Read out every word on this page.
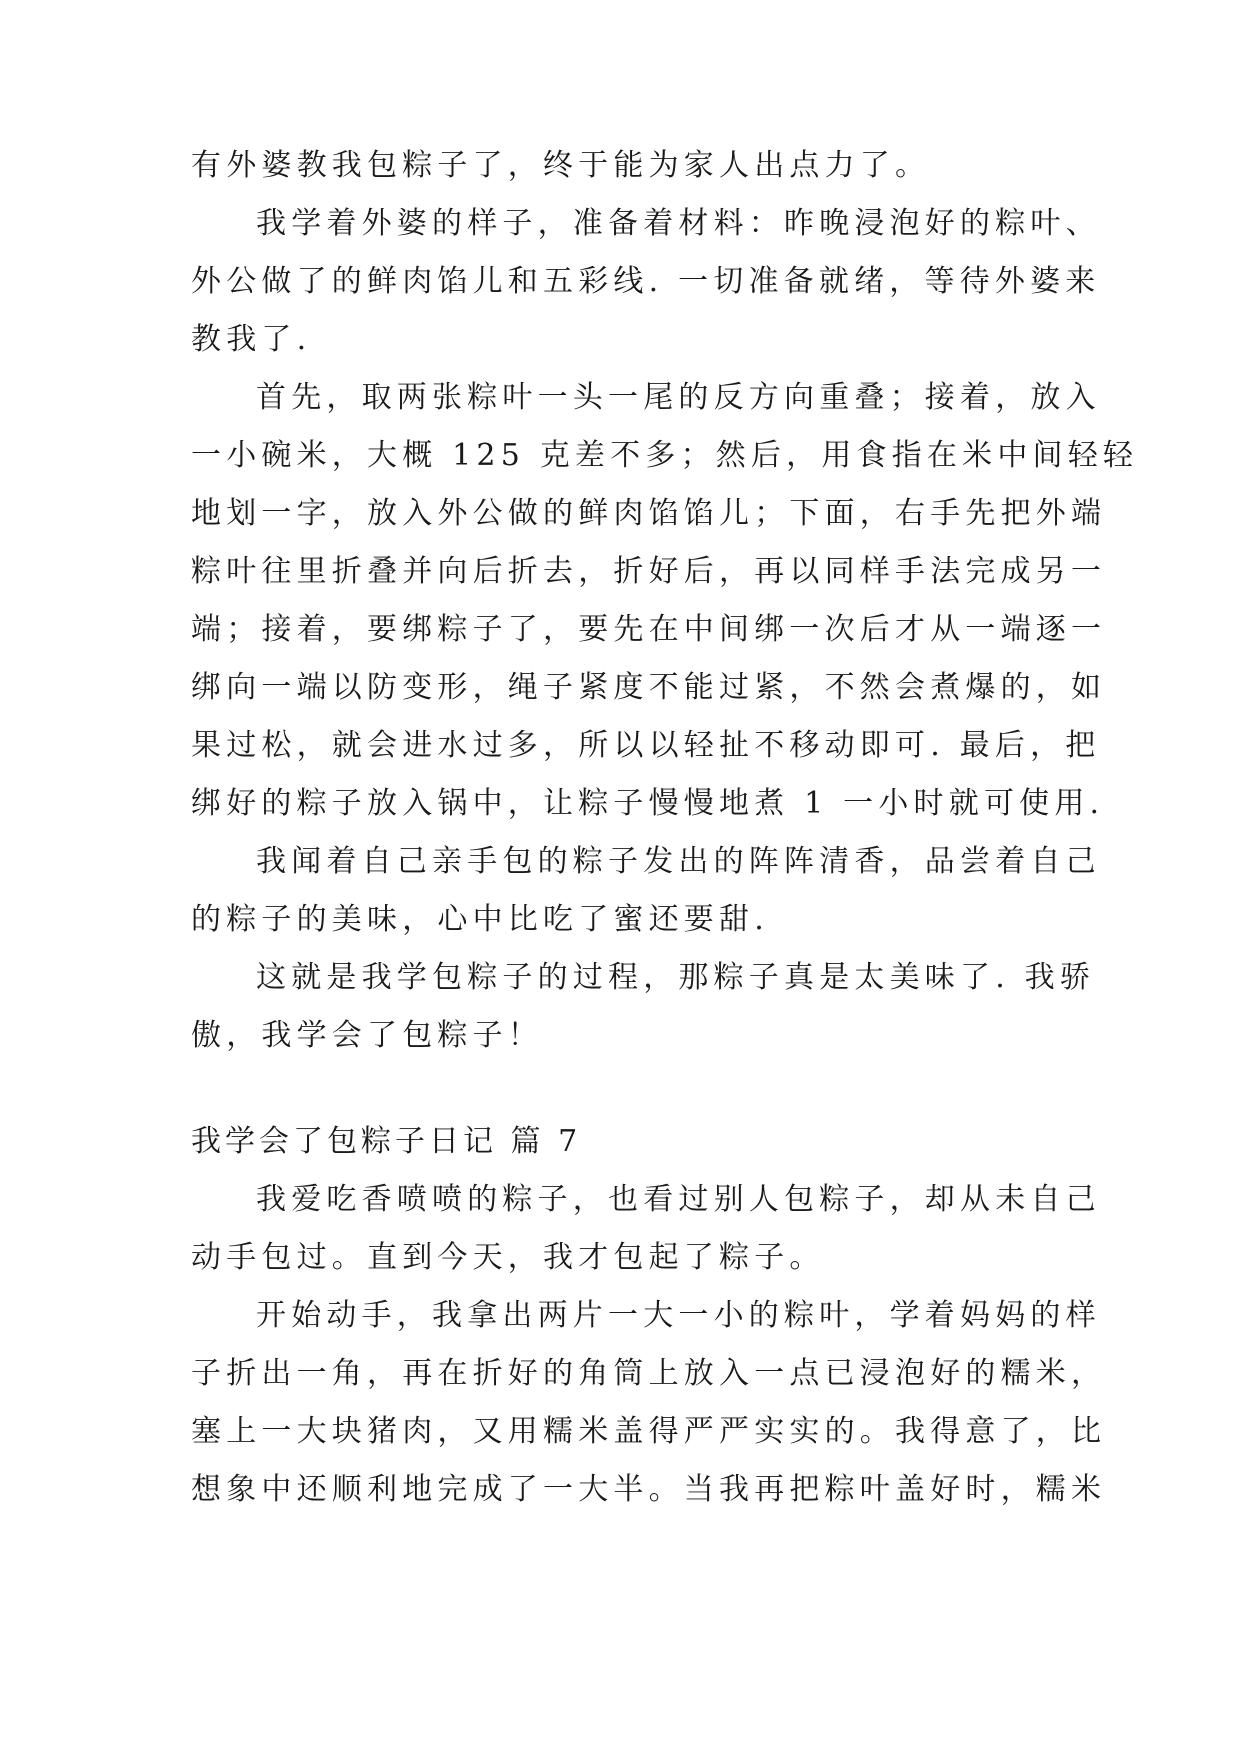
有外婆教我包粽子了，终于能为家人出点力了。
我学着外婆的样子，准备着材料：昨晚浸泡好的粽叶、
外公做了的鲜肉馅儿和五彩线. 一切准备就绪，等待外婆来
教我了.
首先，取两张粽叶一头一尾的反方向重叠；接着，放入
一小碗米，大概 125 克差不多；然后，用食指在米中间轻轻
地划一字，放入外公做的鲜肉馅馅儿；下面，右手先把外端
粽叶往里折叠并向后折去，折好后，再以同样手法完成另一
端；接着，要绑粽子了，要先在中间绑一次后才从一端逐一
绑向一端以防变形，绳子紧度不能过紧，不然会煮爆的，如
果过松，就会进水过多，所以以轻扯不移动即可. 最后，把
绑好的粽子放入锅中，让粽子慢慢地煮 1 一小时就可使用.
我闻着自己亲手包的粽子发出的阵阵清香，品尝着自己
的粽子的美味，心中比吃了蜜还要甜.
这就是我学包粽子的过程，那粽子真是太美味了. 我骄
傲，我学会了包粽子！
我学会了包粽子日记 篇 7
我爱吃香喷喷的粽子，也看过别人包粽子，却从未自己
动手包过。直到今天，我才包起了粽子。
开始动手，我拿出两片一大一小的粽叶，学着妈妈的样
子折出一角，再在折好的角筒上放入一点已浸泡好的糯米，
塞上一大块猪肉，又用糯米盖得严严实实的。我得意了，比
想象中还顺利地完成了一大半。当我再把粽叶盖好时，糯米
